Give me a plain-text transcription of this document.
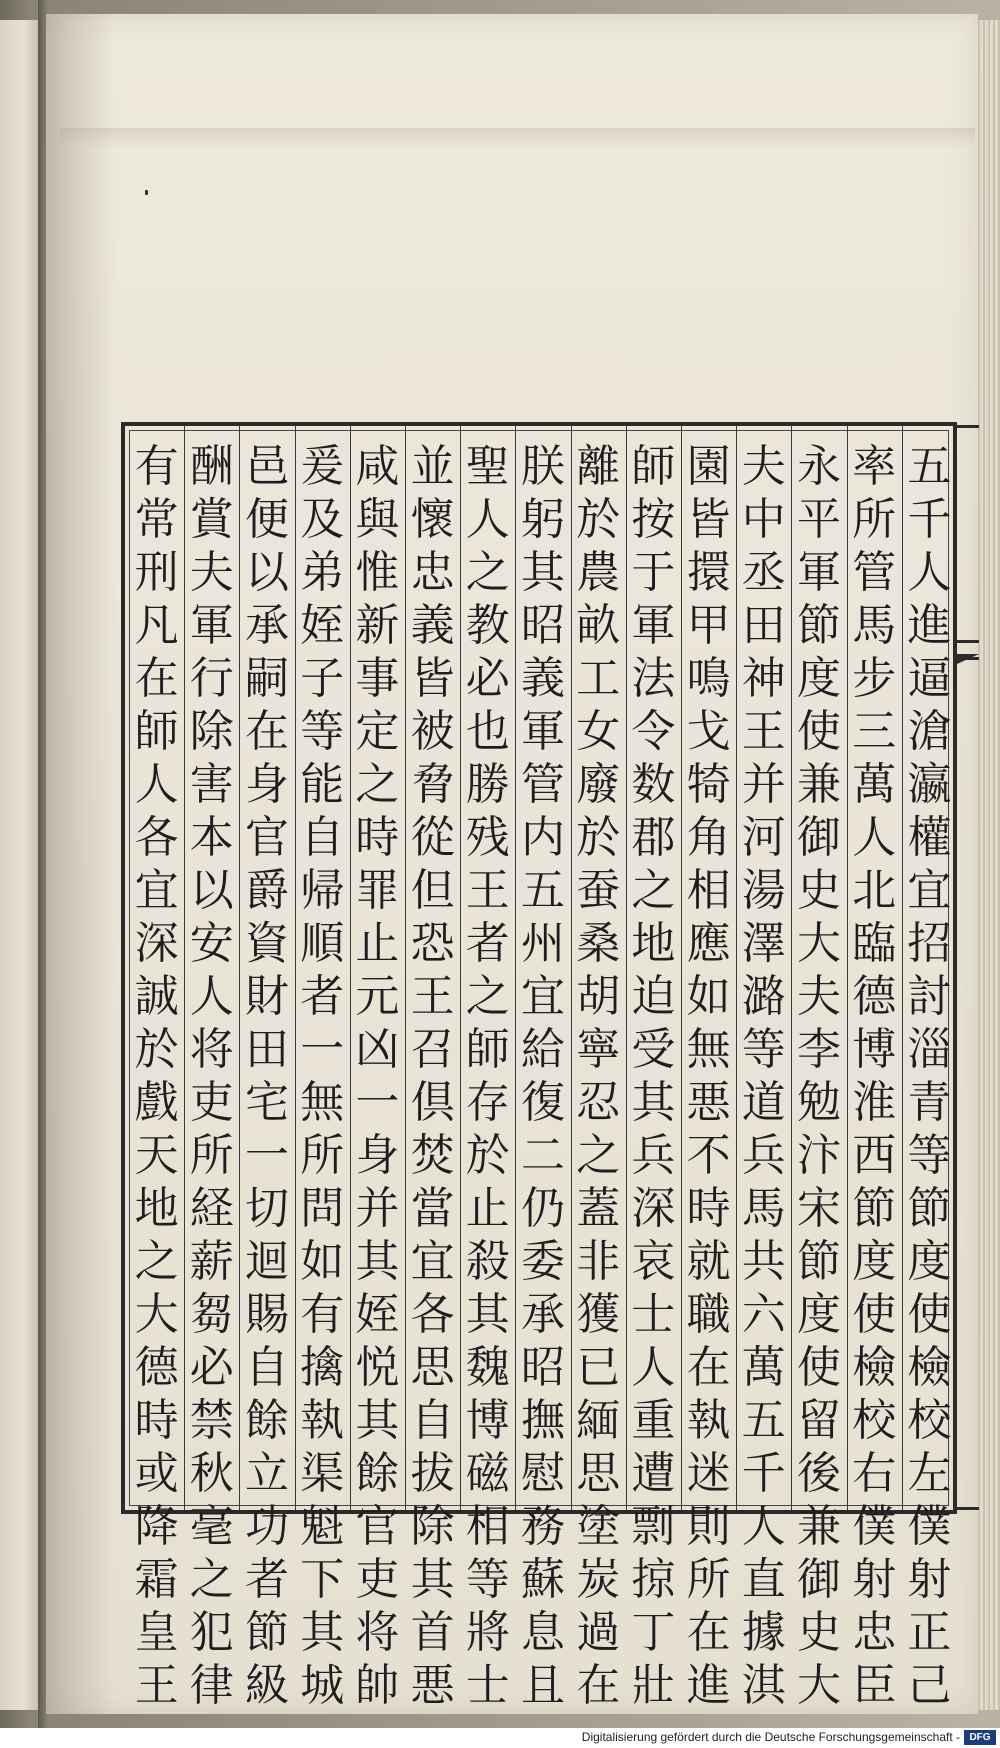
五
千
人
進
逼
滄
瀛
權
宜
招
討
淄
青
等
節
度
使
檢
校
左
僕
射
正
己
率
所
管
馬
步
三
萬
人
北
臨
德
博
淮
西
節
度
使
檢
校
右
僕
射
忠
臣
永
平
軍
節
度
使
兼
御
史
大
夫
李
勉
汴
宋
節
度
使
留
後
兼
御
史
大
夫
中
丞
田
神
王
并
河
湯
澤
潞
等
道
兵
馬
共
六
萬
五
千
人
直
據
淇
園
皆
擐
甲
鳴
戈
犄
角
相
應
如
無
悪
不
時
就
職
在
執
迷
則
所
在
進
師
按
于
軍
法
令
数
郡
之
地
迫
受
其
兵
深
哀
士
人
重
遭
剽
掠
丁
壯
離
於
農
畝
工
女
廢
於
蚕
桑
胡
寧
忍
之
蓋
非
獲
已
緬
思
塗
炭
過
在
朕
躬
其
昭
義
軍
管
内
五
州
宜
給
復
二
仍
委
承
昭
撫
慰
務
蘇
息
且
聖
人
之
教
必
也
勝
残
王
者
之
師
存
於
止
殺
其
魏
博
磁
相
等
將
士
並
懷
忠
義
皆
被
脅
從
但
恐
王
召
倶
焚
當
宜
各
思
自
拔
除
其
首
悪
咸
與
惟
新
事
定
之
時
罪
止
元
凶
一
身
并
其
姪
悦
其
餘
官
吏
将
帥
爰
及
弟
姪
子
等
能
自
帰
順
者
一
無
所
問
如
有
擒
執
渠
魁
下
其
城
邑
便
以
承
嗣
在
身
官
爵
資
財
田
宅
一
切
迴
賜
自
餘
立
功
者
節
級
酬
賞
夫
軍
行
除
害
本
以
安
人
将
吏
所
経
薪
芻
必
禁
秋
毫
之
犯
律
有
常
刑
凡
在
師
人
各
宜
深
誠
於
戲
天
地
之
大
德
時
或
降
霜
皇
王
Digitalisierung gefördert durch die Deutsche Forschungsgemeinschaft - DFG
